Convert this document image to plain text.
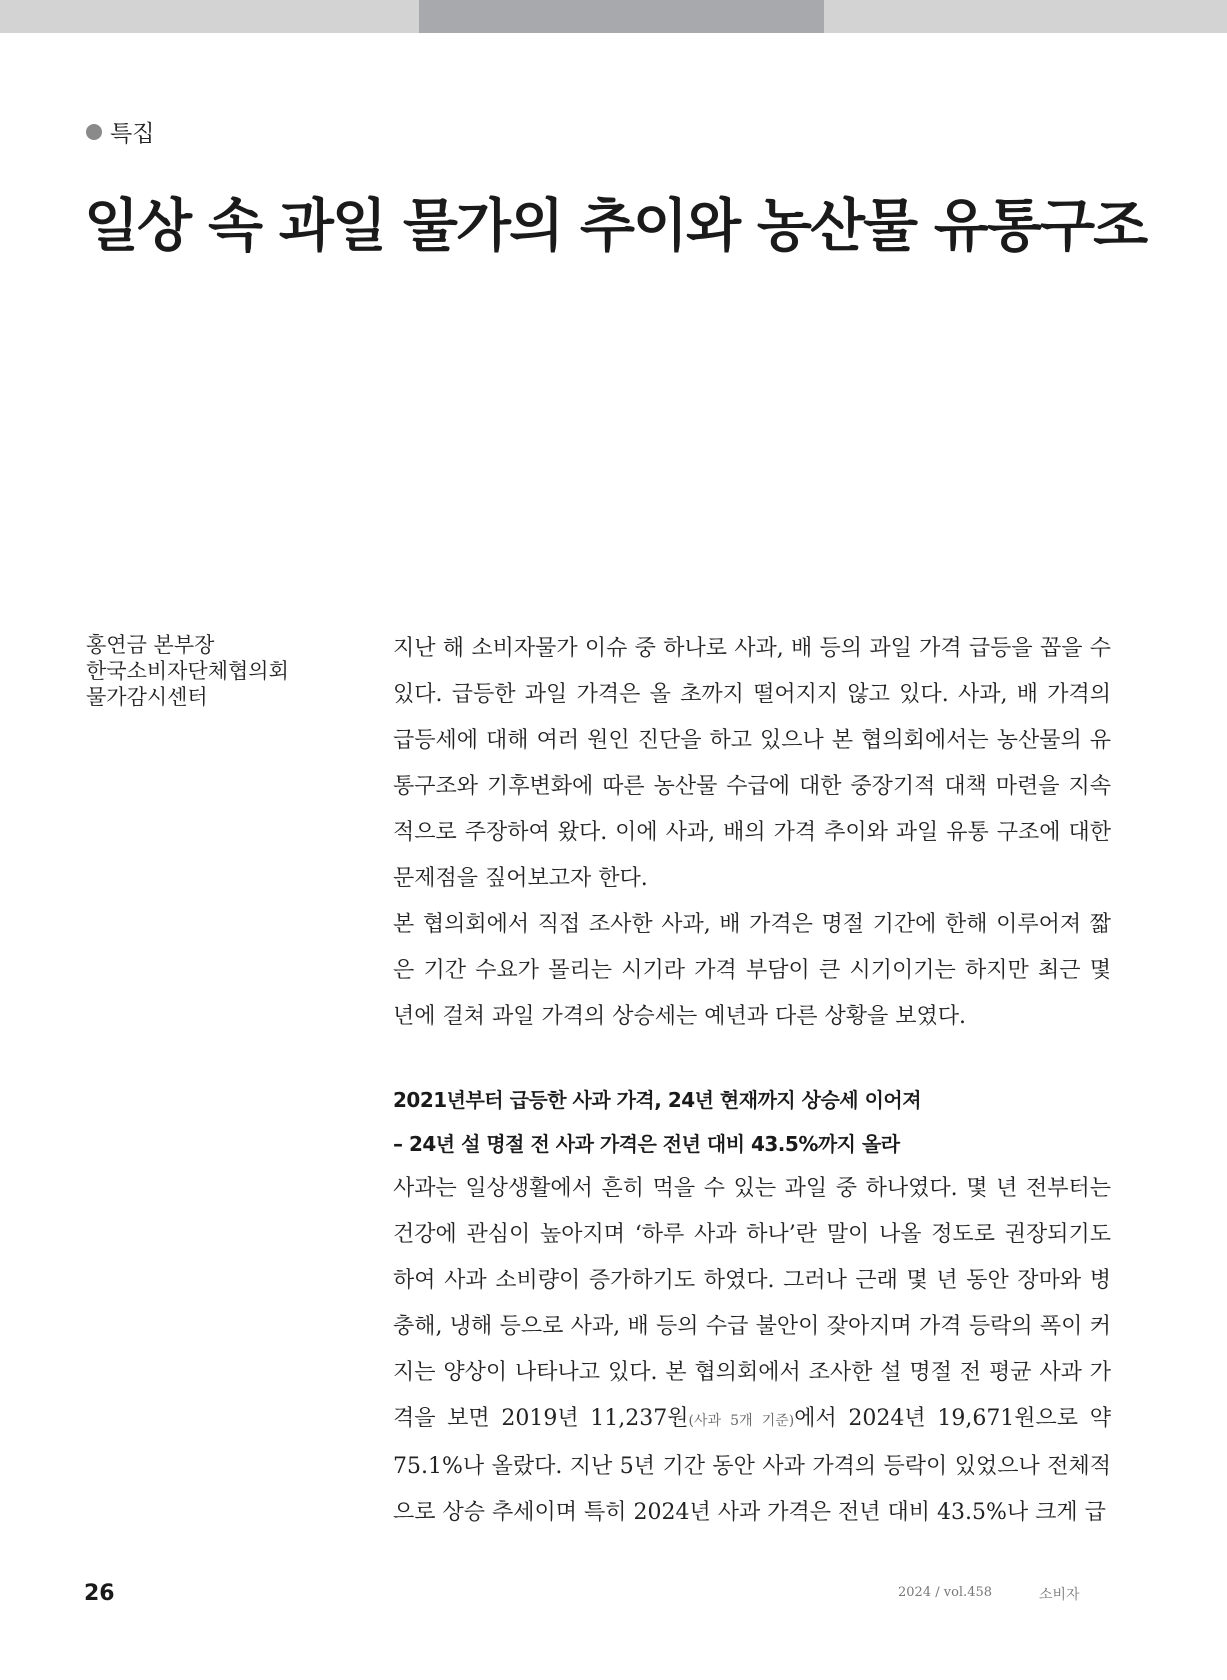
특집
일상 속 과일 물가의 추이와 농산물 유통구조
홍연금 본부장
한국소비자단체협의회
물가감시센터

지난 해 소비자물가 이슈 중 하나로 사과, 배 등의 과일 가격 급등을 꼽을 수 있다. 급등한 과일 가격은 올 초까지 떨어지지 않고 있다. 사과, 배 가격의 급등세에 대해 여러 원인 진단을 하고 있으나 본 협의회에서는 농산물의 유통구조와 기후변화에 따른 농산물 수급에 대한 중장기적 대책 마련을 지속적으로 주장하여 왔다. 이에 사과, 배의 가격 추이와 과일 유통 구조에 대한 문제점을 짚어보고자 한다.

본 협의회에서 직접 조사한 사과, 배 가격은 명절 기간에 한해 이루어져 짧은 기간 수요가 몰리는 시기라 가격 부담이 큰 시기이기는 하지만 최근 몇 년에 걸쳐 과일 가격의 상승세는 예년과 다른 상황을 보였다.

2021년부터 급등한 사과 가격, 24년 현재까지 상승세 이어져
– 24년 설 명절 전 사과 가격은 전년 대비 43.5%까지 올라

사과는 일상생활에서 흔히 먹을 수 있는 과일 중 하나였다. 몇 년 전부터는 건강에 관심이 높아지며 ‘하루 사과 하나’란 말이 나올 정도로 권장되기도 하여 사과 소비량이 증가하기도 하였다. 그러나 근래 몇 년 동안 장마와 병충해, 냉해 등으로 사과, 배 등의 수급 불안이 잦아지며 가격 등락의 폭이 커지는 양상이 나타나고 있다. 본 협의회에서 조사한 설 명절 전 평균 사과 가격을 보면 2019년 11,237원(사과 5개 기준)에서 2024년 19,671원으로 약 75.1%나 올랐다. 지난 5년 기간 동안 사과 가격의 등락이 있었으나 전체적으로 상승 추세이며 특히 2024년 사과 가격은 전년 대비 43.5%나 크게 급

26	2024 / vol.458	소비자
